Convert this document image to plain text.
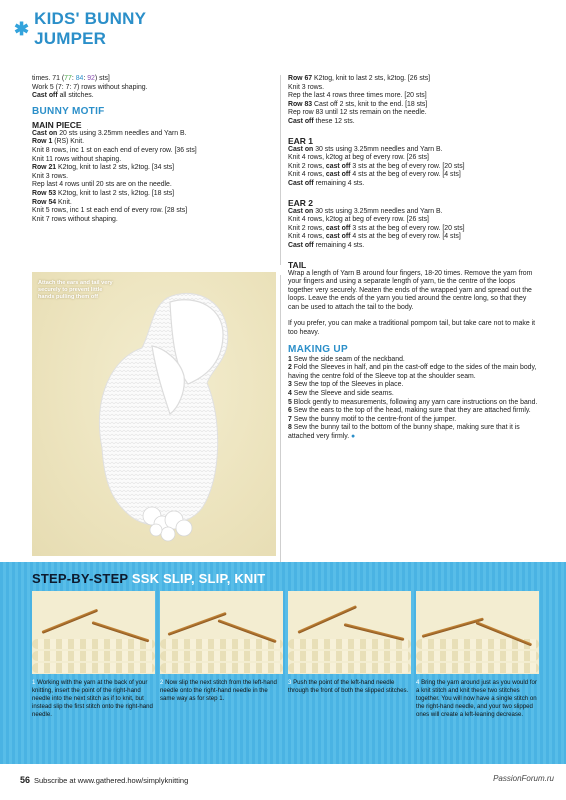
✱ KIDS' BUNNY JUMPER

times. 71 (77: 84: 92) sts]

Work 5 (7: 7: 7) rows without shaping.

Cast off all stitches.

BUNNY MOTIF
MAIN PIECE

Cast on 20 sts using 3.25mm needles and Yarn B.

Row 1 (RS) Knit.

Knit 8 rows, inc 1 st on each end of every row. [36 sts]

Knit 11 rows without shaping.

Row 21 K2tog, knit to last 2 sts, k2tog. [34 sts]

Knit 3 rows.

Rep last 4 rows until 20 sts are on the needle.

Row 53 K2tog, knit to last 2 sts, k2tog. [18 sts]

Row 54 Knit.

Knit 5 rows, inc 1 st each end of every row. [28 sts]

Knit 7 rows without shaping.

Attach the ears and tail very securely to prevent little hands pulling them off

Row 67 K2tog, knit to last 2 sts, k2tog. [26 sts]

Knit 3 rows.

Rep the last 4 rows three times more. [20 sts]

Row 83 Cast off 2 sts, knit to the end. [18 sts]

Rep row 83 until 12 sts remain on the needle.

Cast off these 12 sts.

EAR 1

Cast on 30 sts using 3.25mm needles and Yarn B.

Knit 4 rows, k2tog at beg of every row. [26 sts]

Knit 2 rows, cast off 3 sts at the beg of every row. [20 sts]

Knit 4 rows, cast off 4 sts at the beg of every row. [4 sts]

Cast off remaining 4 sts.

EAR 2

Cast on 30 sts using 3.25mm needles and Yarn B.

Knit 4 rows, k2tog at beg of every row. [26 sts]

Knit 2 rows, cast off 3 sts at the beg of every row. [20 sts]

Knit 4 rows, cast off 4 sts at the beg of every row. [4 sts]

Cast off remaining 4 sts.

TAIL

Wrap a length of Yarn B around four fingers, 18-20 times. Remove the yarn from your fingers and using a separate length of yarn, tie the centre of the loops together very securely. Neaten the ends of the wrapped yarn and spread out the loops. Leave the ends of the yarn you tied around the centre long, so that they can be used to attach the tail to the body.

If you prefer, you can make a traditional pompom tail, but take care not to make it too heavy.

MAKING UP

1 Sew the side seam of the neckband.

2 Fold the Sleeves in half, and pin the cast-off edge to the sides of the main body, having the centre fold of the Sleeve top at the shoulder seam.

3 Sew the top of the Sleeves in place.

4 Sew the Sleeve and side seams.

5 Block gently to measurements, following any yarn care instructions on the band.

6 Sew the ears to the top of the head, making sure that they are attached firmly.

7 Sew the bunny motif to the centre-front of the jumper.

8 Sew the bunny tail to the bottom of the bunny shape, making sure that it is attached very firmly. ●

STEP-BY-STEP SSK SLIP, SLIP, KNIT
1 Working with the yarn at the back of your knitting, insert the point of the right-hand needle into the next stitch as if to knit, but instead slip the first stitch onto the right-hand needle.
2 Now slip the next stitch from the left-hand needle onto the right-hand needle in the same way as for step 1.
3 Push the point of the left-hand needle through the front of both the slipped stitches.
4 Bring the yarn around just as you would for a knit stitch and knit these two stitches together. You will now have a single stitch on the right-hand needle, and your two slipped ones will create a left-leaning decrease.
56 Subscribe at www.gathered.how/simplyknitting	PassionForum.ru
